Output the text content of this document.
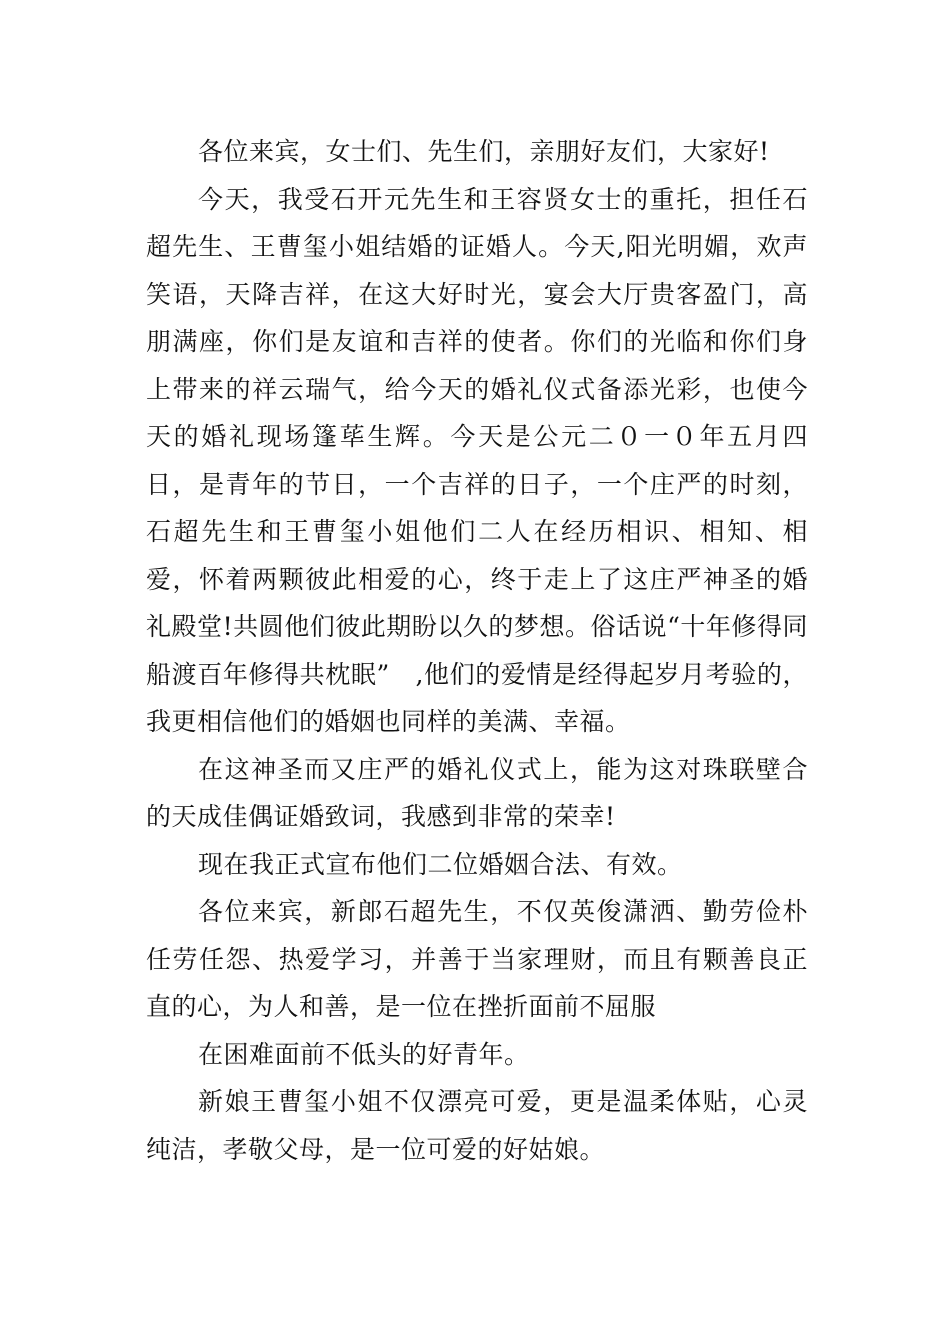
各位来宾，女士们、先生们，亲朋好友们，大家好!

今天，我受石开元先生和王容贤女士的重托，担任石超先生、王曹玺小姐结婚的证婚人。今天,阳光明媚，欢声笑语，天降吉祥，在这大好时光，宴会大厅贵客盈门，高朋满座，你们是友谊和吉祥的使者。你们的光临和你们身上带来的祥云瑞气，给今天的婚礼仪式备添光彩，也使今天的婚礼现场篷荜生辉。今天是公元二０一０年五月四日，是青年的节日，一个吉祥的日子，一个庄严的时刻，石超先生和王曹玺小姐他们二人在经历相识、相知、相爱，怀着两颗彼此相爱的心，终于走上了这庄严神圣的婚礼殿堂!共圆他们彼此期盼以久的梦想。俗话说“十年修得同船渡百年修得共枕眠”　,他们的爱情是经得起岁月考验的，我更相信他们的婚姻也同样的美满、幸福。

在这神圣而又庄严的婚礼仪式上，能为这对珠联壁合的天成佳偶证婚致词，我感到非常的荣幸!

现在我正式宣布他们二位婚姻合法、有效。

各位来宾，新郎石超先生，不仅英俊潇洒、勤劳俭朴任劳任怨、热爱学习，并善于当家理财，而且有颗善良正直的心，为人和善，是一位在挫折面前不屈服

在困难面前不低头的好青年。

新娘王曹玺小姐不仅漂亮可爱，更是温柔体贴，心灵纯洁，孝敬父母，是一位可爱的好姑娘。
